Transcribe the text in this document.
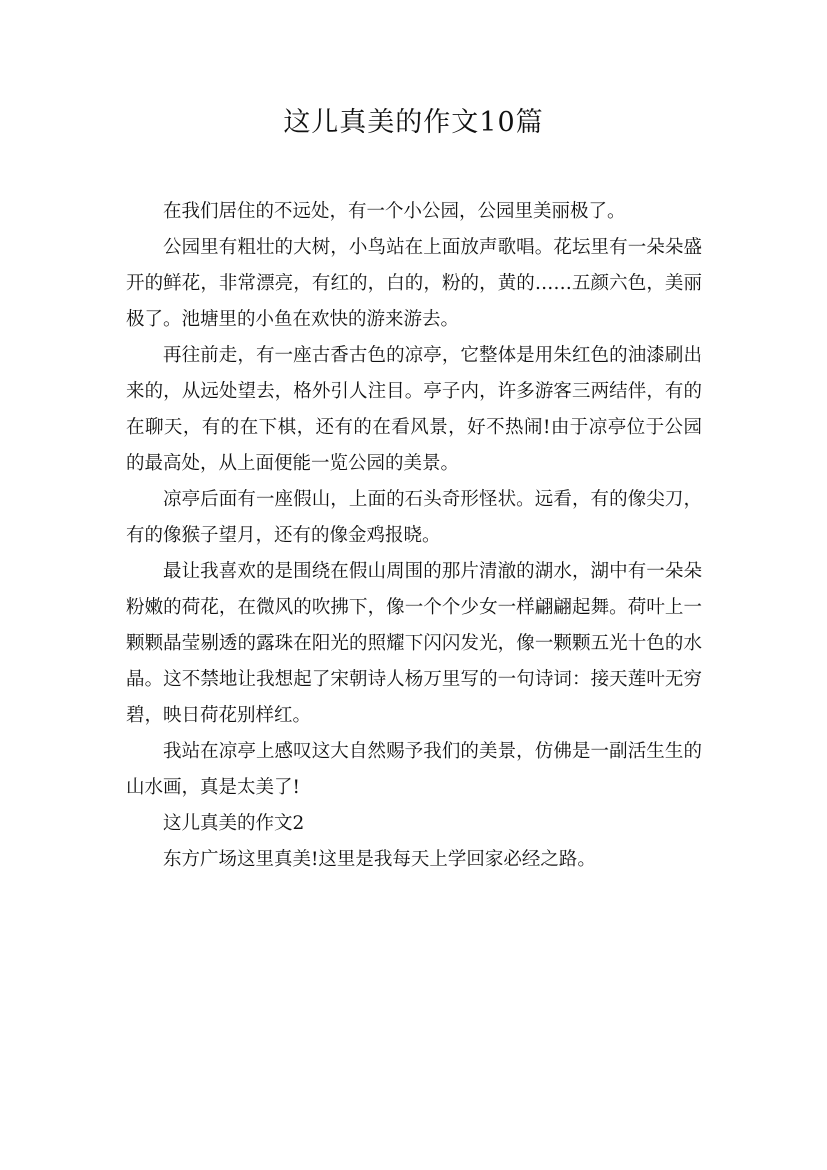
这儿真美的作文10篇

在我们居住的不远处，有一个小公园，公园里美丽极了。

公园里有粗壮的大树，小鸟站在上面放声歌唱。花坛里有一朵朵盛开的鲜花，非常漂亮，有红的，白的，粉的，黄的……五颜六色，美丽极了。池塘里的小鱼在欢快的游来游去。

再往前走，有一座古香古色的凉亭，它整体是用朱红色的油漆刷出来的，从远处望去，格外引人注目。亭子内，许多游客三两结伴，有的在聊天，有的在下棋，还有的在看风景，好不热闹!由于凉亭位于公园的最高处，从上面便能一览公园的美景。

凉亭后面有一座假山，上面的石头奇形怪状。远看，有的像尖刀，有的像猴子望月，还有的像金鸡报晓。

最让我喜欢的是围绕在假山周围的那片清澈的湖水，湖中有一朵朵粉嫩的荷花，在微风的吹拂下，像一个个少女一样翩翩起舞。荷叶上一颗颗晶莹剔透的露珠在阳光的照耀下闪闪发光，像一颗颗五光十色的水晶。这不禁地让我想起了宋朝诗人杨万里写的一句诗词：接天莲叶无穷碧，映日荷花别样红。

我站在凉亭上感叹这大自然赐予我们的美景，仿佛是一副活生生的山水画，真是太美了!

这儿真美的作文2

东方广场这里真美!这里是我每天上学回家必经之路。
